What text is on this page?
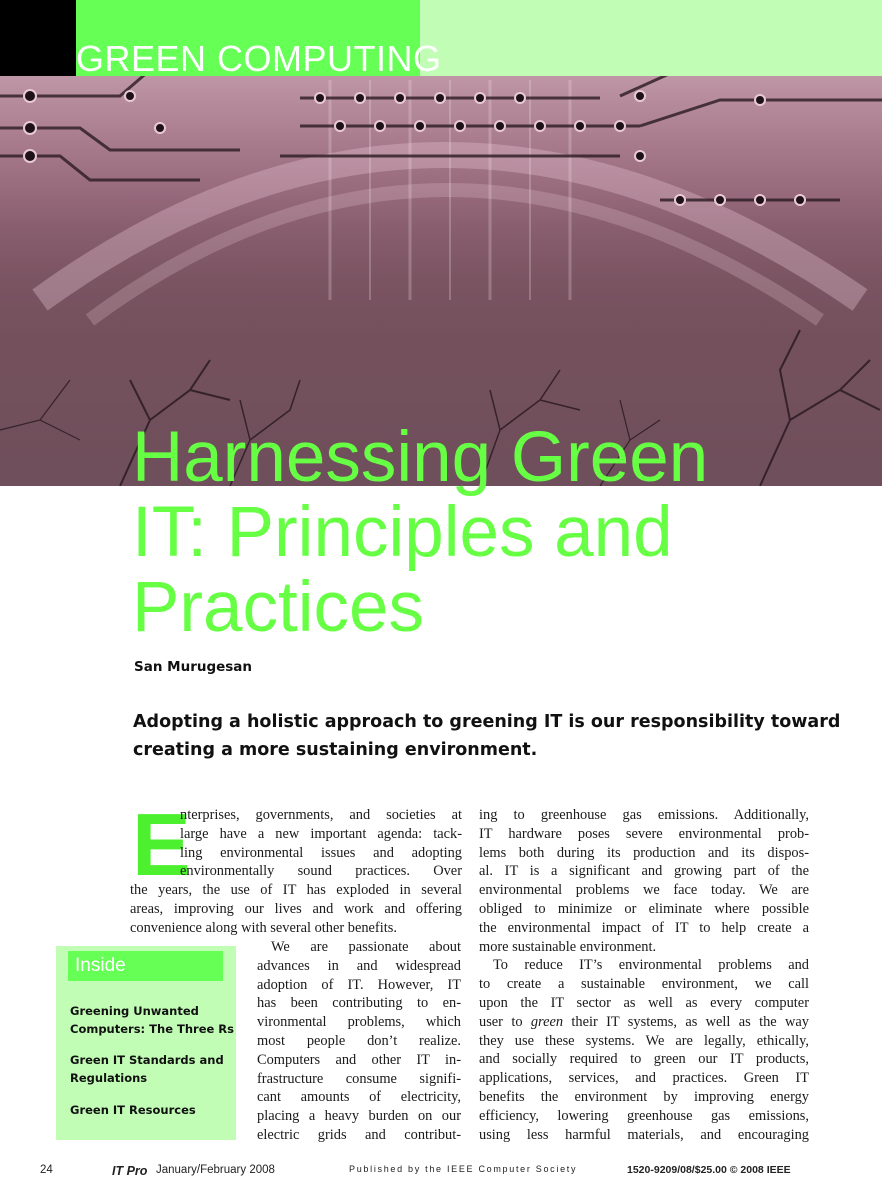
GREEN COMPUTING
Harnessing Green
IT: Principles and
Practices
San Murugesan
Adopting a holistic approach to greening IT is our responsibility toward
creating a more sustaining environment.
E
nterprises, governments, and societies at
large have a new important agenda: tack-
ling environmental issues and adopting
environmentally sound practices. Over
the years, the use of IT has exploded in several
areas, improving our lives and work and offering
convenience along with several other benefits.
We are passionate about
advances in and widespread
adoption of IT. However, IT
has been contributing to en-
vironmental problems, which
most people don’t realize.
Computers and other IT in-
frastructure consume signifi-
cant amounts of electricity,
placing a heavy burden on our
electric grids and contribut-
ing to greenhouse gas emissions. Additionally,
IT hardware poses severe environmental prob-
lems both during its production and its dispos-
al. IT is a significant and growing part of the
environmental problems we face today. We are
obliged to minimize or eliminate where possible
the environmental impact of IT to help create a
more sustainable environment.
To reduce IT’s environmental problems and
to create a sustainable environment, we call
upon the IT sector as well as every computer
user to green their IT systems, as well as the way
they use these systems. We are legally, ethically,
and socially required to green our IT products,
applications, services, and practices. Green IT
benefits the environment by improving energy
efficiency, lowering greenhouse gas emissions,
using less harmful materials, and encouraging
Inside
Greening Unwanted Computers: The Three Rs
Green IT Standards and Regulations
Green IT Resources
24	IT Pro January/February 2008	Published by the IEEE Computer Society	1520-9209/08/$25.00 © 2008 IEEE
